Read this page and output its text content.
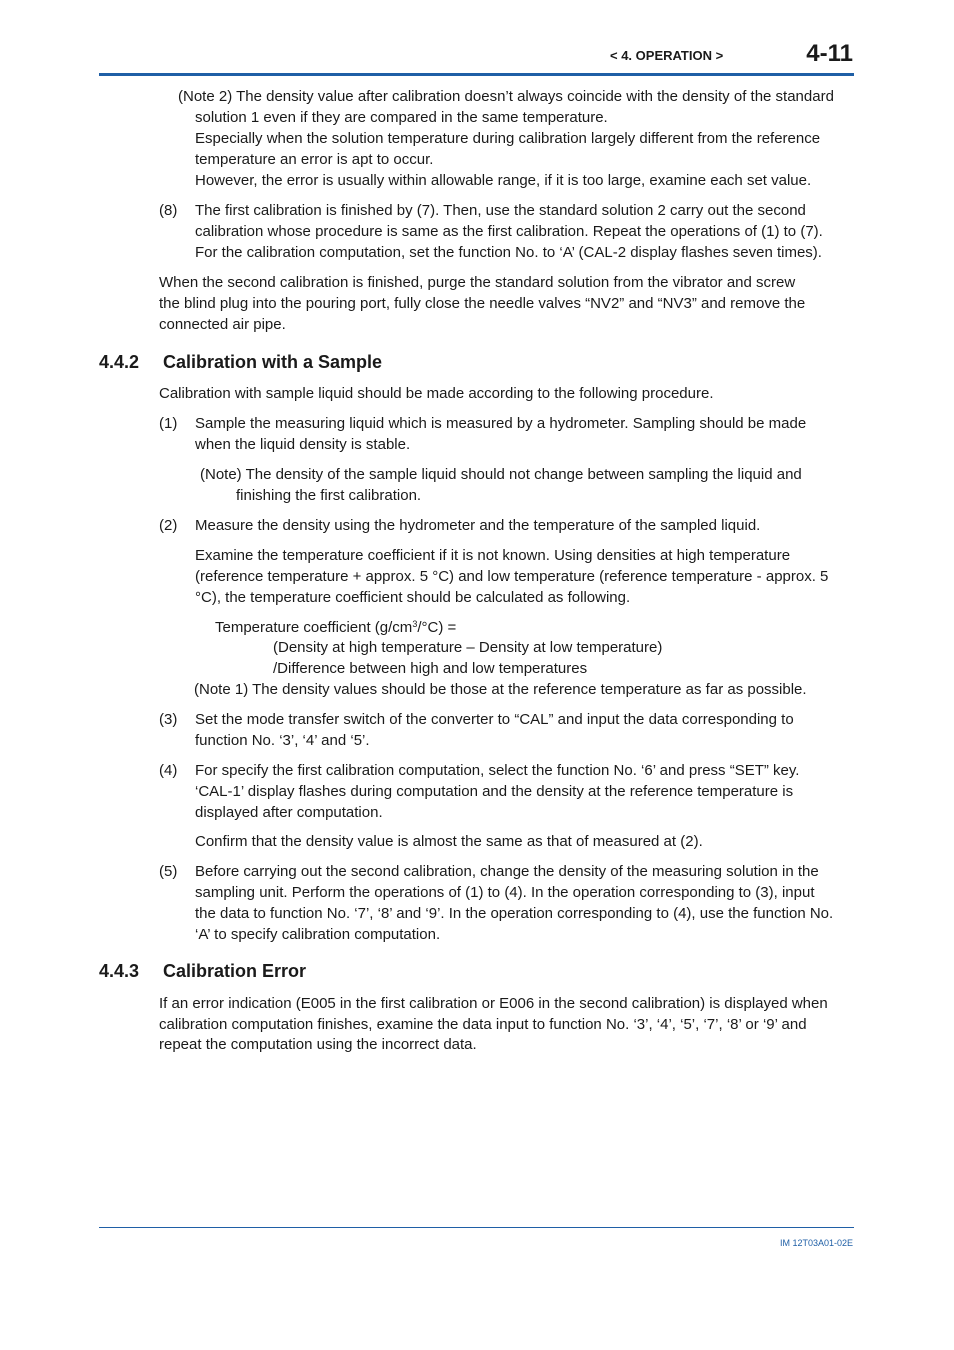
< 4. OPERATION >	4-11

(Note 2) The density value after calibration doesn’t always coincide with the density of the standard

solution 1 even if they are compared in the same temperature.

Especially when the solution temperature during calibration largely different from the reference

temperature an error is apt to occur.

However, the error is usually within allowable range, if it is too large, examine each set value.

(8) The first calibration is finished by (7). Then, use the standard solution 2 carry out the second

calibration whose procedure is same as the first calibration. Repeat the operations of (1) to (7).

For the calibration computation, set the function No. to ‘A’ (CAL-2 display flashes seven times).

When the second calibration is finished, purge the standard solution from the vibrator and screw

the blind plug into the pouring port, fully close the needle valves “NV2” and “NV3” and remove the

connected air pipe.

4.4.2 Calibration with a Sample

Calibration with sample liquid should be made according to the following procedure.

(1) Sample the measuring liquid which is measured by a hydrometer. Sampling should be made

when the liquid density is stable.

(Note) The density of the sample liquid should not change between sampling the liquid and

finishing the first calibration.

(2) Measure the density using the hydrometer and the temperature of the sampled liquid.

Examine the temperature coefficient if it is not known. Using densities at high temperature

(reference temperature + approx. 5 °C) and low temperature (reference temperature - approx. 5

°C), the temperature coefficient should be calculated as following.

Temperature coefficient $(g/cm^3/^\circ C)$ =

(Density at high temperature – Density at low temperature)

/Difference between high and low temperatures

(Note 1) The density values should be those at the reference temperature as far as possible.

(3) Set the mode transfer switch of the converter to “CAL” and input the data corresponding to

function No. ‘3’, ‘4’ and ‘5’.

(4) For specify the first calibration computation, select the function No. ‘6’ and press “SET” key.

‘CAL-1’ display flashes during computation and the density at the reference temperature is

displayed after computation.

Confirm that the density value is almost the same as that of measured at (2).

(5) Before carrying out the second calibration, change the density of the measuring solution in the

sampling unit. Perform the operations of (1) to (4). In the operation corresponding to (3), input

the data to function No. ‘7’, ‘8’ and ‘9’. In the operation corresponding to (4), use the function No.

‘A’ to specify calibration computation.

4.4.3 Calibration Error

If an error indication (E005 in the first calibration or E006 in the second calibration) is displayed when

calibration computation finishes, examine the data input to function No. ‘3’, ‘4’, ‘5’, ‘7’, ‘8’ or ‘9’ and

repeat the computation using the incorrect data.

IM 12T03A01-02E
